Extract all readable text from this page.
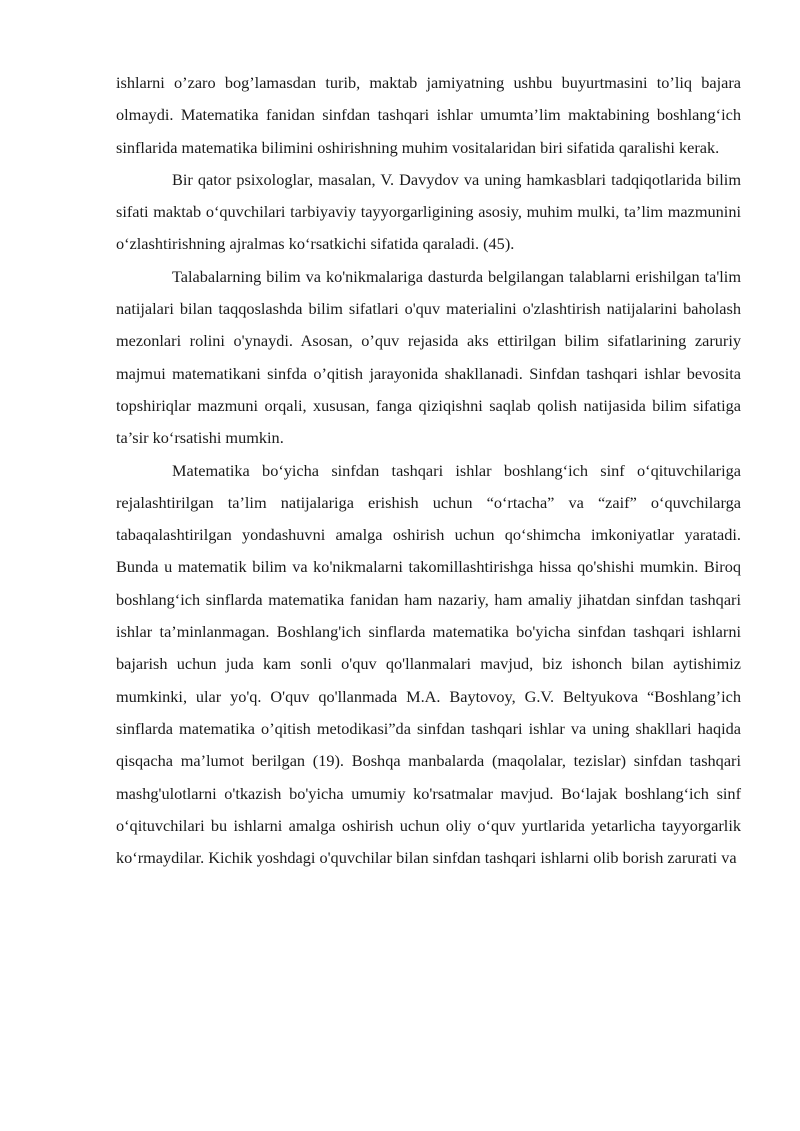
ishlarni o’zaro bog’lamasdan turib, maktab jamiyatning ushbu buyurtmasini to’liq bajara olmaydi. Matematika fanidan sinfdan tashqari ishlar umumta’lim maktabining boshlang‘ich sinflarida matematika bilimini oshirishning muhim vositalaridan biri sifatida qaralishi kerak.

Bir qator psixologlar, masalan, V. Davydov va uning hamkasblari tadqiqotlarida bilim sifati maktab o‘quvchilari tarbiyaviy tayyorgarligining asosiy, muhim mulki, ta’lim mazmunini o‘zlashtirishning ajralmas ko‘rsatkichi sifatida qaraladi. (45).

Talabalarning bilim va ko'nikmalariga dasturda belgilangan talablarni erishilgan ta'lim natijalari bilan taqqoslashda bilim sifatlari o'quv materialini o'zlashtirish natijalarini baholash mezonlari rolini o'ynaydi. Asosan, o’quv rejasida aks ettirilgan bilim sifatlarining zaruriy majmui matematikani sinfda o’qitish jarayonida shakllanadi. Sinfdan tashqari ishlar bevosita topshiriqlar mazmuni orqali, xususan, fanga qiziqishni saqlab qolish natijasida bilim sifatiga ta’sir ko‘rsatishi mumkin.

Matematika bo‘yicha sinfdan tashqari ishlar boshlang‘ich sinf o‘qituvchilariga rejalashtirilgan ta’lim natijalariga erishish uchun “o‘rtacha” va “zaif” o‘quvchilarga tabaqalashtirilgan yondashuvni amalga oshirish uchun qo‘shimcha imkoniyatlar yaratadi. Bunda u matematik bilim va ko'nikmalarni takomillashtirishga hissa qo'shishi mumkin. Biroq boshlang‘ich sinflarda matematika fanidan ham nazariy, ham amaliy jihatdan sinfdan tashqari ishlar ta’minlanmagan. Boshlang'ich sinflarda matematika bo'yicha sinfdan tashqari ishlarni bajarish uchun juda kam sonli o'quv qo'llanmalari mavjud, biz ishonch bilan aytishimiz mumkinki, ular yo'q. O'quv qo'llanmada M.A. Baytovoy, G.V. Beltyukova “Boshlang’ich sinflarda matematika o’qitish metodikasi”da sinfdan tashqari ishlar va uning shakllari haqida qisqacha ma’lumot berilgan (19). Boshqa manbalarda (maqolalar, tezislar) sinfdan tashqari mashg'ulotlarni o'tkazish bo'yicha umumiy ko'rsatmalar mavjud. Bo‘lajak boshlang‘ich sinf o‘qituvchilari bu ishlarni amalga oshirish uchun oliy o‘quv yurtlarida yetarlicha tayyorgarlik ko‘rmaydilar. Kichik yoshdagi o'quvchilar bilan sinfdan tashqari ishlarni olib borish zarurati va
